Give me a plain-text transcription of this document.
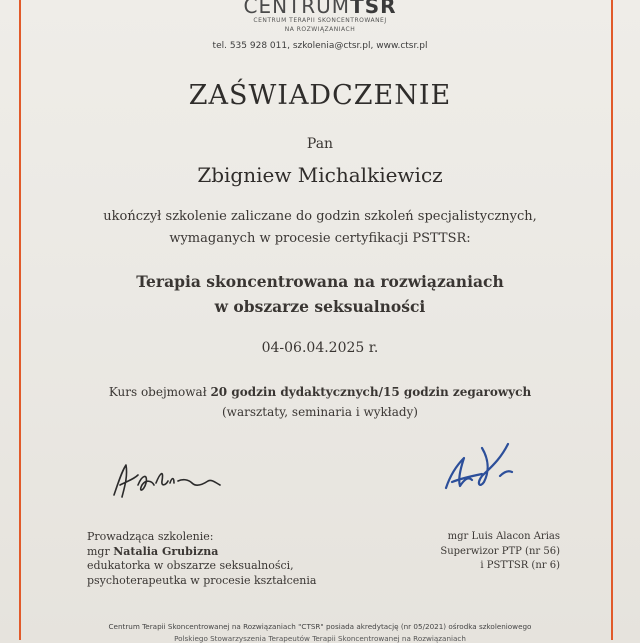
CENTRUMTSR
CENTRUM TERAPII SKONCENTROWANEJ
NA ROZWIĄZANIACH
tel. 535 928 011, szkolenia@ctsr.pl, www.ctsr.pl
ZAŚWIADCZENIE
Pan
Zbigniew Michalkiewicz
ukończył szkolenie zaliczane do godzin szkoleń specjalistycznych,
wymaganych w procesie certyfikacji PSTTSR:
Terapia skoncentrowana na rozwiązaniach
w obszarze seksualności
04-06.04.2025 r.
Kurs obejmował 20 godzin dydaktycznych/15 godzin zegarowych
(warsztaty, seminaria i wykłady)
Prowadząca szkolenie:
mgr Natalia Grubizna
edukatorka w obszarze seksualności,
psychoterapeutka w procesie kształcenia
mgr Luis Alacon Arias
Superwizor PTP (nr 56)
i PSTTSR (nr 6)
Centrum Terapii Skoncentrowanej na Rozwiązaniach "CTSR" posiada akredytację (nr 05/2021) ośrodka szkoleniowego
Polskiego Stowarzyszenia Terapeutów Terapii Skoncentrowanej na Rozwiązaniach
